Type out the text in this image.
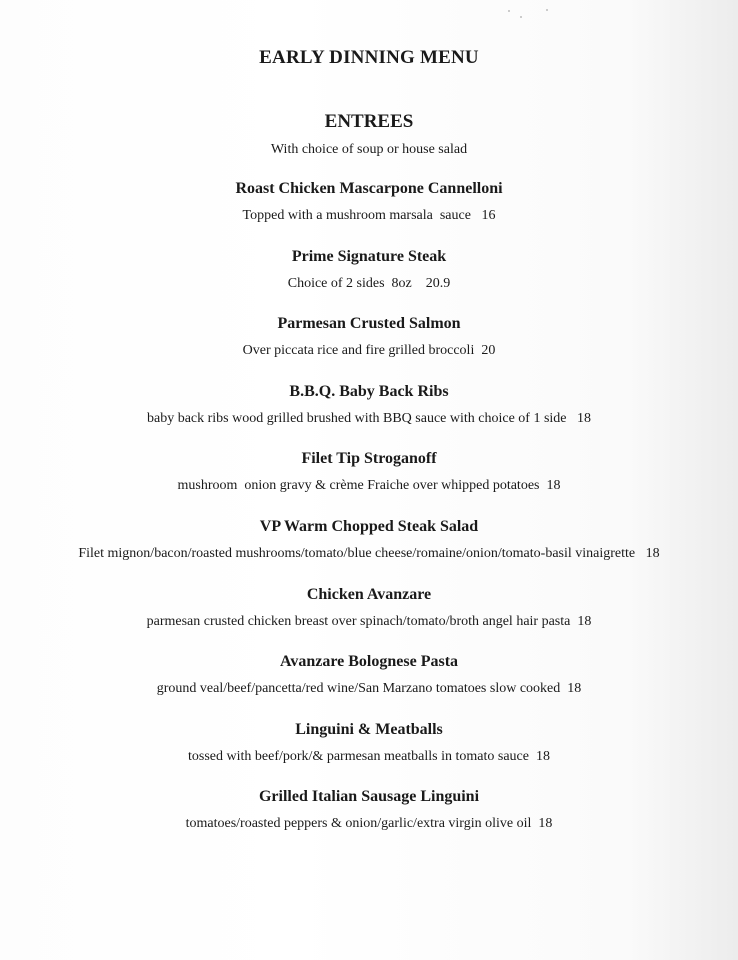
EARLY DINNING MENU
ENTREES
With choice of soup or house salad
Roast Chicken Mascarpone Cannelloni
Topped with a mushroom marsala  sauce   16
Prime Signature Steak
Choice of 2 sides  8oz    20.9
Parmesan Crusted Salmon
Over piccata rice and fire grilled broccoli  20
B.B.Q. Baby Back Ribs
baby back ribs wood grilled brushed with BBQ sauce with choice of 1 side   18
Filet Tip Stroganoff
mushroom  onion gravy & crème Fraiche over whipped potatoes  18
VP Warm Chopped Steak Salad
Filet mignon/bacon/roasted mushrooms/tomato/blue cheese/romaine/onion/tomato-basil vinaigrette   18
Chicken Avanzare
parmesan crusted chicken breast over spinach/tomato/broth angel hair pasta  18
Avanzare Bolognese Pasta
ground veal/beef/pancetta/red wine/San Marzano tomatoes slow cooked  18
Linguini & Meatballs
tossed with beef/pork/& parmesan meatballs in tomato sauce  18
Grilled Italian Sausage Linguini
tomatoes/roasted peppers & onion/garlic/extra virgin olive oil  18
